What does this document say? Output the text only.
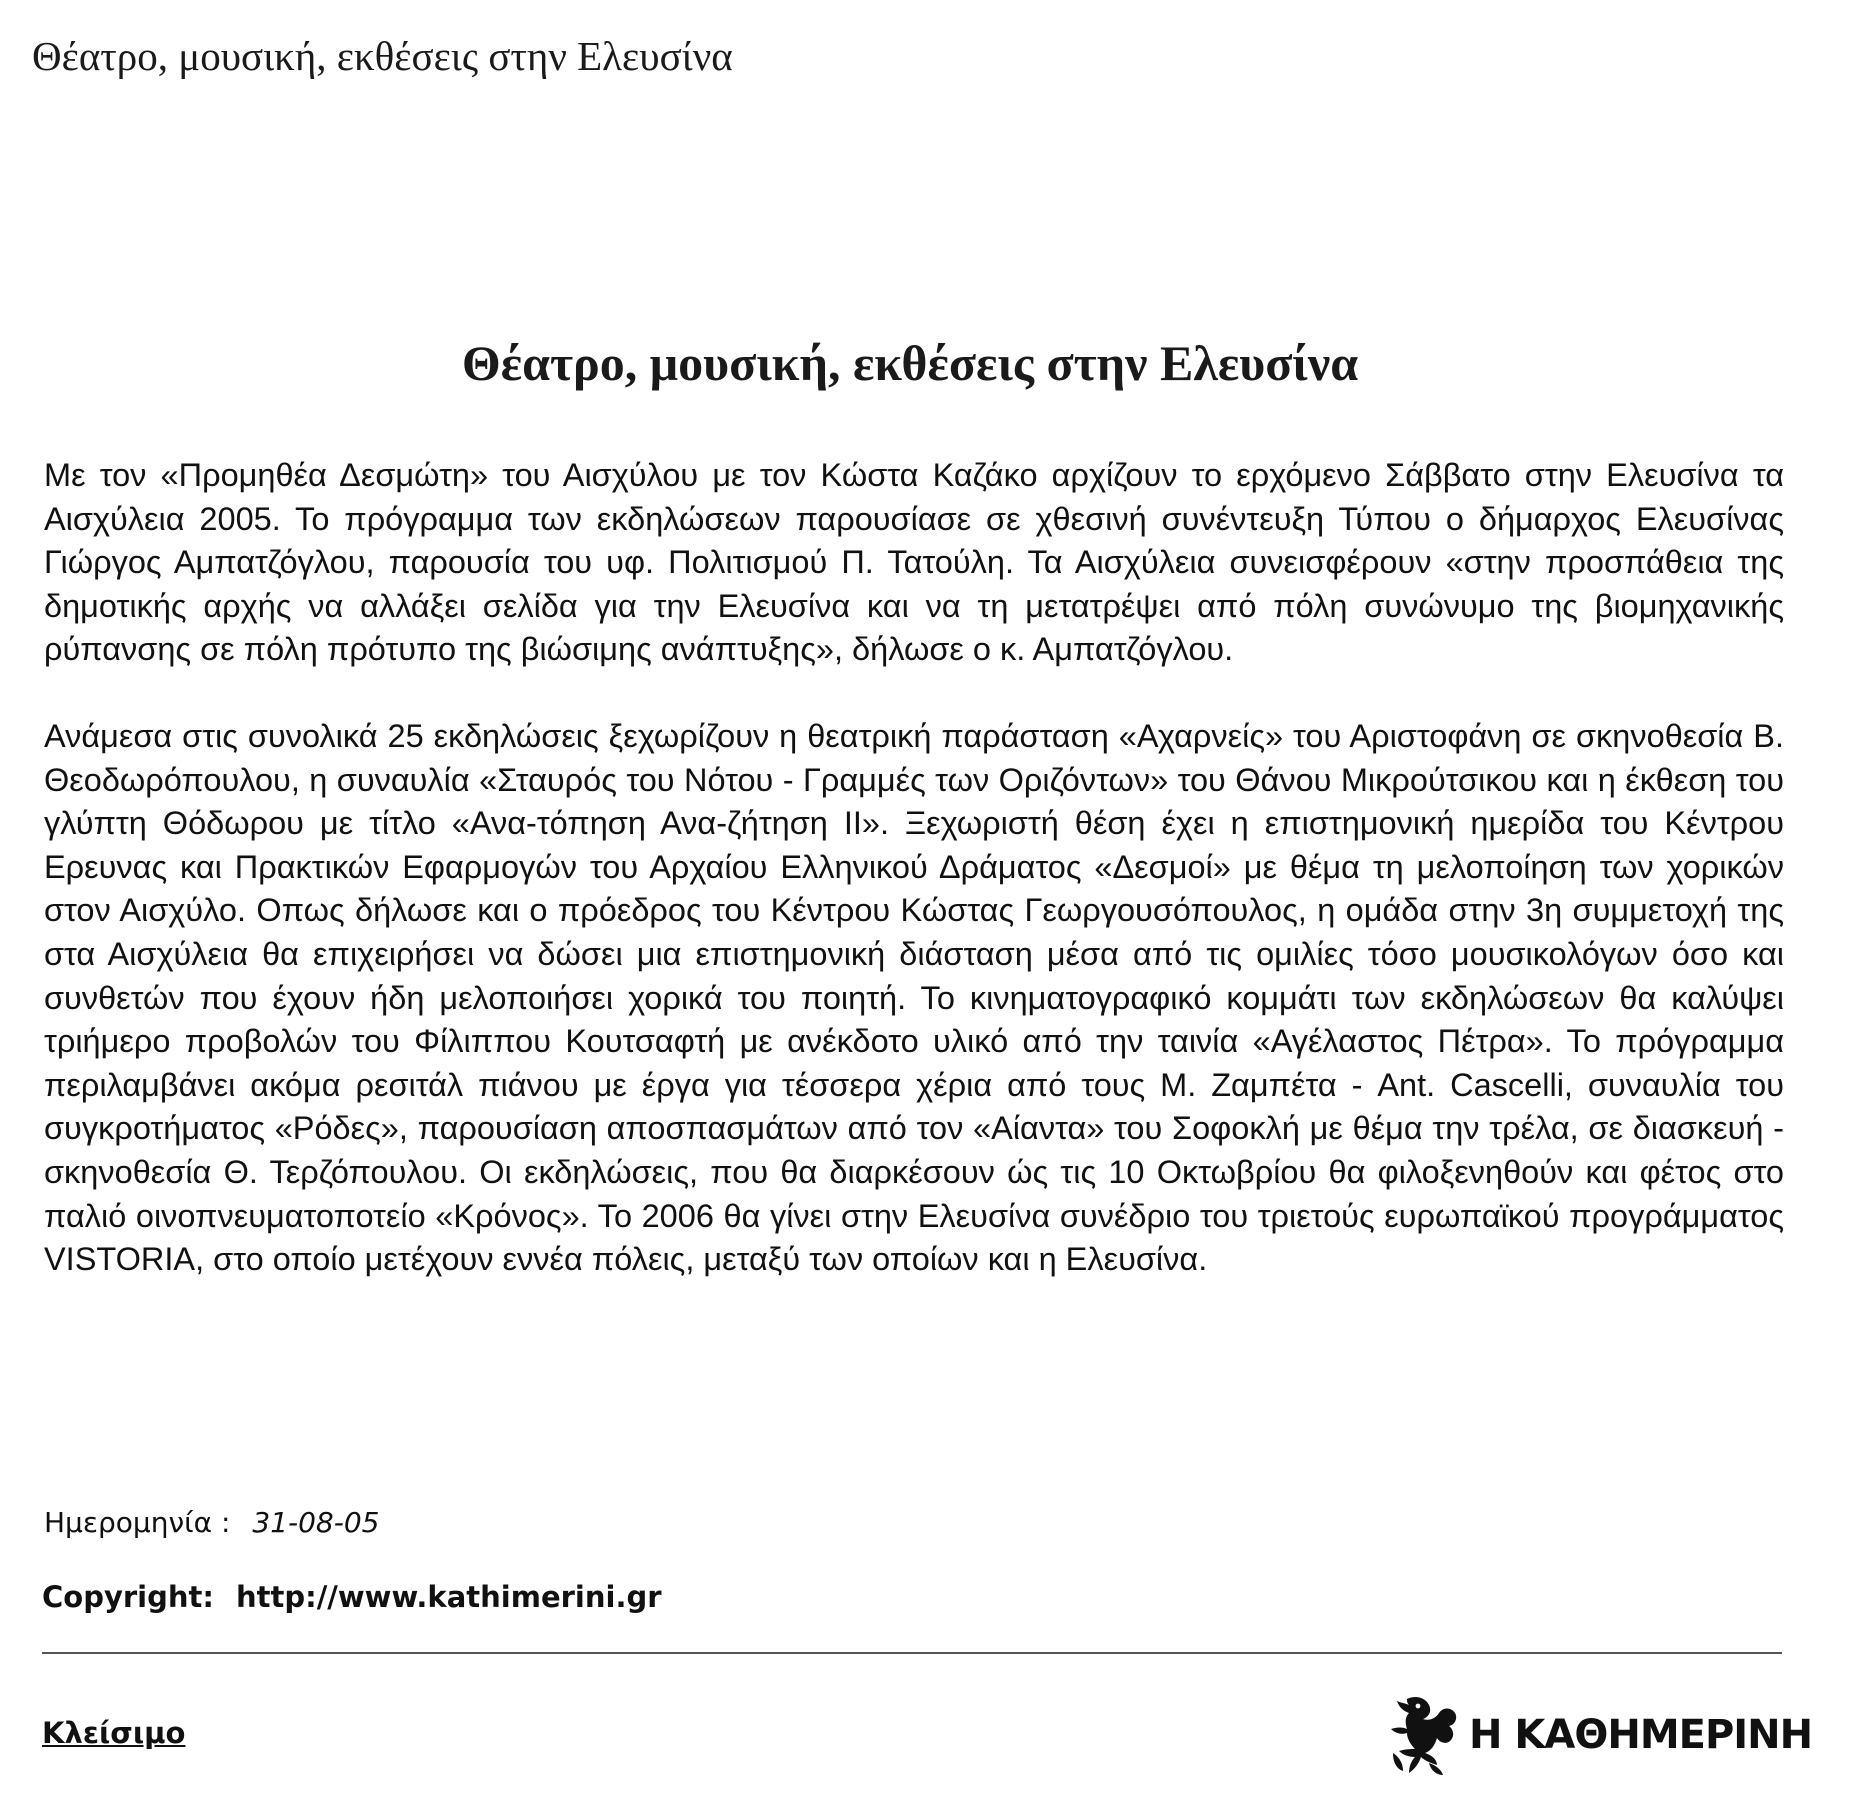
Θέατρο, μουσική, εκθέσεις στην Ελευσίνα
Θέατρο, μουσική, εκθέσεις στην Ελευσίνα

Με τον «Προμηθέα Δεσμώτη» του Αισχύλου με τον Κώστα Καζάκο αρχίζουν το ερχόμενο Σάββατο στην Ελευσίνα τα Αισχύλεια 2005. Το πρόγραμμα των εκδηλώσεων παρουσίασε σε χθεσινή συνέντευξη Τύπου ο δήμαρχος Ελευσίνας Γιώργος Αμπατζόγλου, παρουσία του υφ. Πολιτισμού Π. Τατούλη. Τα Αισχύλεια συνεισφέρουν «στην προσπάθεια της δημοτικής αρχής να αλλάξει σελίδα για την Ελευσίνα και να τη μετατρέψει από πόλη συνώνυμο της βιομηχανικής ρύπανσης σε πόλη πρότυπο της βιώσιμης ανάπτυξης», δήλωσε ο κ. Αμπατζόγλου.

Ανάμεσα στις συνολικά 25 εκδηλώσεις ξεχωρίζουν η θεατρική παράσταση «Αχαρνείς» του Αριστοφάνη σε σκηνοθεσία Β. Θεοδωρόπουλου, η συναυλία «Σταυρός του Νότου - Γραμμές των Οριζόντων» του Θάνου Μικρούτσικου και η έκθεση του γλύπτη Θόδωρου με τίτλο «Ανα-τόπηση Ανα-ζήτηση ΙΙ». Ξεχωριστή θέση έχει η επιστημονική ημερίδα του Κέντρου Ερευνας και Πρακτικών Εφαρμογών του Αρχαίου Ελληνικού Δράματος «Δεσμοί» με θέμα τη μελοποίηση των χορικών στον Αισχύλο. Οπως δήλωσε και ο πρόεδρος του Κέντρου Κώστας Γεωργουσόπουλος, η ομάδα στην 3η συμμετοχή της στα Αισχύλεια θα επιχειρήσει να δώσει μια επιστημονική διάσταση μέσα από τις ομιλίες τόσο μουσικολόγων όσο και συνθετών που έχουν ήδη μελοποιήσει χορικά του ποιητή. Το κινηματογραφικό κομμάτι των εκδηλώσεων θα καλύψει τριήμερο προβολών του Φίλιππου Κουτσαφτή με ανέκδοτο υλικό από την ταινία «Αγέλαστος Πέτρα». Το πρόγραμμα περιλαμβάνει ακόμα ρεσιτάλ πιάνου με έργα για τέσσερα χέρια από τους Μ. Ζαμπέτα - Ant. Cascelli, συναυλία του συγκροτήματος «Ρόδες», παρουσίαση αποσπασμάτων από τον «Αίαντα» του Σοφοκλή με θέμα την τρέλα, σε διασκευή - σκηνοθεσία Θ. Τερζόπουλου. Οι εκδηλώσεις, που θα διαρκέσουν ώς τις 10 Οκτωβρίου θα φιλοξενηθούν και φέτος στο παλιό οινοπνευματοποτείο «Κρόνος». Το 2006 θα γίνει στην Ελευσίνα συνέδριο του τριετούς ευρωπαϊκού προγράμματος VISTORIA, στο οποίο μετέχουν εννέα πόλεις, μεταξύ των οποίων και η Ελευσίνα.

Ημερομηνία : 31-08-05
Copyright: http://www.kathimerini.gr
Κλείσιμο	Η ΚΑΘΗΜΕΡΙΝΗ
